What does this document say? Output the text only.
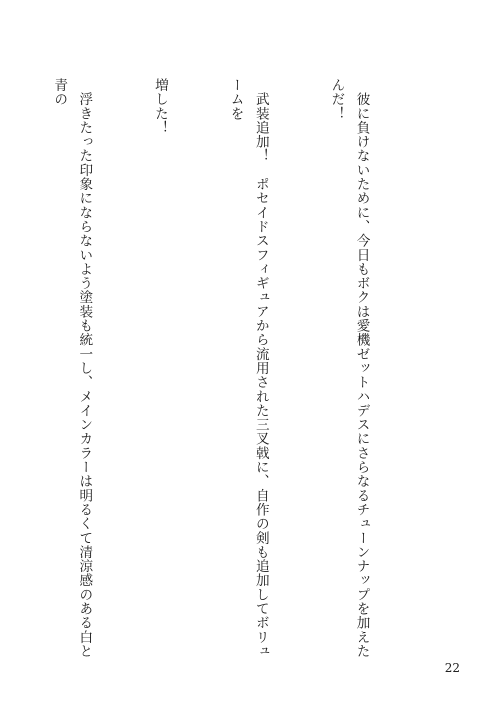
　彼に負けないために、今日もボクは愛機ゼットハデスにさらなるチューンナップを加えたんだ！

　武装追加！　ポセイドスフィギュアから流用された三叉戟に、自作の剣も追加してボリュームを

増した！

　浮きたった印象にならないよう塗装も統一し、メインカラーは明るくて清涼感のある白と青の

22
